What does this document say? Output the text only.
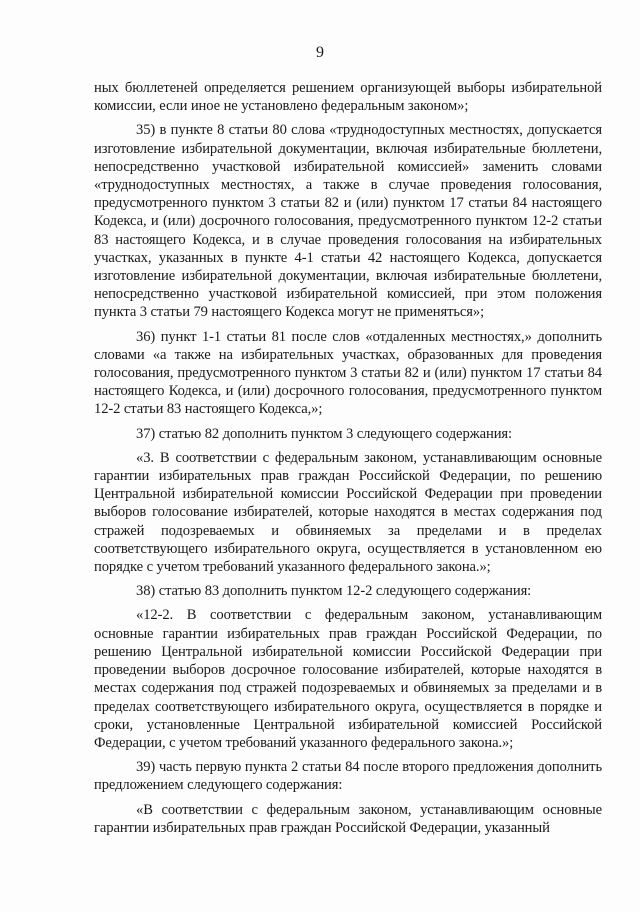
9

ных бюллетеней определяется решением организующей выборы избирательной комиссии, если иное не установлено федеральным законом»;

35) в пункте 8 статьи 80 слова «труднодоступных местностях, допускается изготовление избирательной документации, включая избирательные бюллетени, непосредственно участковой избирательной комиссией» заменить словами «труднодоступных местностях, а также в случае проведения голосования, предусмотренного пунктом 3 статьи 82 и (или) пунктом 17 статьи 84 настоящего Кодекса, и (или) досрочного голосования, предусмотренного пунктом 12-2 статьи 83 настоящего Кодекса, и в случае проведения голосования на избирательных участках, указанных в пункте 4-1 статьи 42 настоящего Кодекса, допускается изготовление избирательной документации, включая избирательные бюллетени, непосредственно участковой избирательной комиссией, при этом положения пункта 3 статьи 79 настоящего Кодекса могут не применяться»;

36) пункт 1-1 статьи 81 после слов «отдаленных местностях,» дополнить словами «а также на избирательных участках, образованных для проведения голосования, предусмотренного пунктом 3 статьи 82 и (или) пунктом 17 статьи 84 настоящего Кодекса, и (или) досрочного голосования, предусмотренного пунктом 12-2 статьи 83 настоящего Кодекса,»;

37) статью 82 дополнить пунктом 3 следующего содержания:

«3. В соответствии с федеральным законом, устанавливающим основные гарантии избирательных прав граждан Российской Федерации, по решению Центральной избирательной комиссии Российской Федерации при проведении выборов голосование избирателей, которые находятся в местах содержания под стражей подозреваемых и обвиняемых за пределами и в пределах соответствующего избирательного округа, осуществляется в установленном ею порядке с учетом требований указанного федерального закона.»;

38) статью 83 дополнить пунктом 12-2 следующего содержания:

«12-2. В соответствии с федеральным законом, устанавливающим основные гарантии избирательных прав граждан Российской Федерации, по решению Центральной избирательной комиссии Российской Федерации при проведении выборов досрочное голосование избирателей, которые находятся в местах содержания под стражей подозреваемых и обвиняемых за пределами и в пределах соответствующего избирательного округа, осуществляется в порядке и сроки, установленные Центральной избирательной комиссией Российской Федерации, с учетом требований указанного федерального закона.»;

39) часть первую пункта 2 статьи 84 после второго предложения дополнить предложением следующего содержания:

«В соответствии с федеральным законом, устанавливающим основные гарантии избирательных прав граждан Российской Федерации, указанный
